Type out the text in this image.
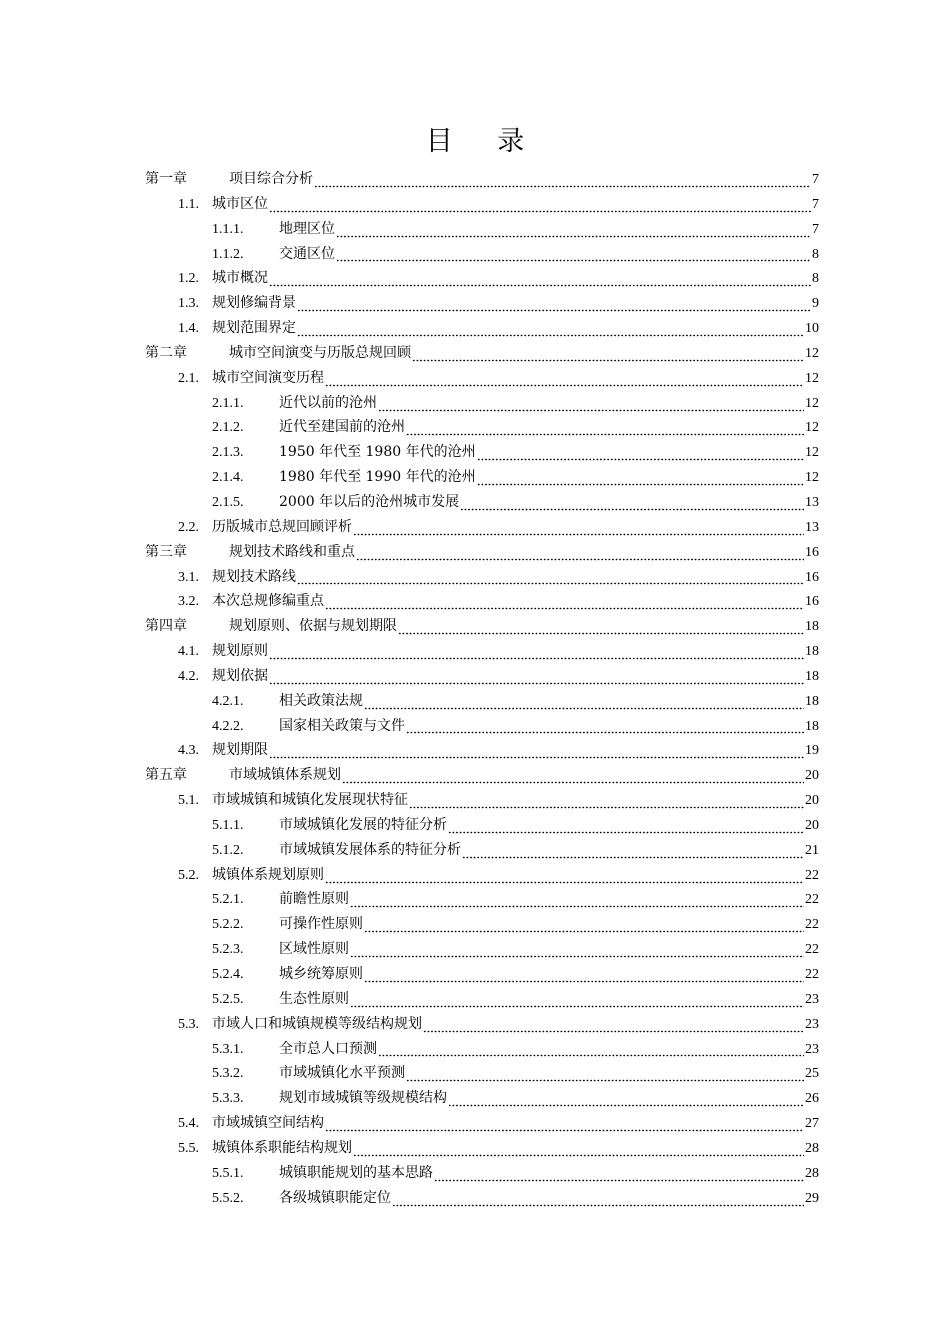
目 录
第一章	项目综合分析	7
1.1. 城市区位	7
1.1.1.	地理区位	7
1.1.2.	交通区位	8
1.2. 城市概况	8
1.3. 规划修编背景	9
1.4. 规划范围界定	10
第二章	城市空间演变与历版总规回顾	12
2.1. 城市空间演变历程	12
2.1.1.	近代以前的沧州	12
2.1.2.	近代至建国前的沧州	12
2.1.3.	1950 年代至 1980 年代的沧州	12
2.1.4.	1980 年代至 1990 年代的沧州	12
2.1.5.	2000 年以后的沧州城市发展	13
2.2. 历版城市总规回顾评析	13
第三章	规划技术路线和重点	16
3.1. 规划技术路线	16
3.2. 本次总规修编重点	16
第四章	规划原则、依据与规划期限	18
4.1. 规划原则	18
4.2. 规划依据	18
4.2.1.	相关政策法规	18
4.2.2.	国家相关政策与文件	18
4.3. 规划期限	19
第五章	市域城镇体系规划	20
5.1. 市域城镇和城镇化发展现状特征	20
5.1.1.	市域城镇化发展的特征分析	20
5.1.2.	市域城镇发展体系的特征分析	21
5.2. 城镇体系规划原则	22
5.2.1.	前瞻性原则	22
5.2.2.	可操作性原则	22
5.2.3.	区域性原则	22
5.2.4.	城乡统筹原则	22
5.2.5.	生态性原则	23
5.3. 市域人口和城镇规模等级结构规划	23
5.3.1.	全市总人口预测	23
5.3.2.	市域城镇化水平预测	25
5.3.3.	规划市域城镇等级规模结构	26
5.4. 市域城镇空间结构	27
5.5. 城镇体系职能结构规划	28
5.5.1.	城镇职能规划的基本思路	28
5.5.2.	各级城镇职能定位	29
